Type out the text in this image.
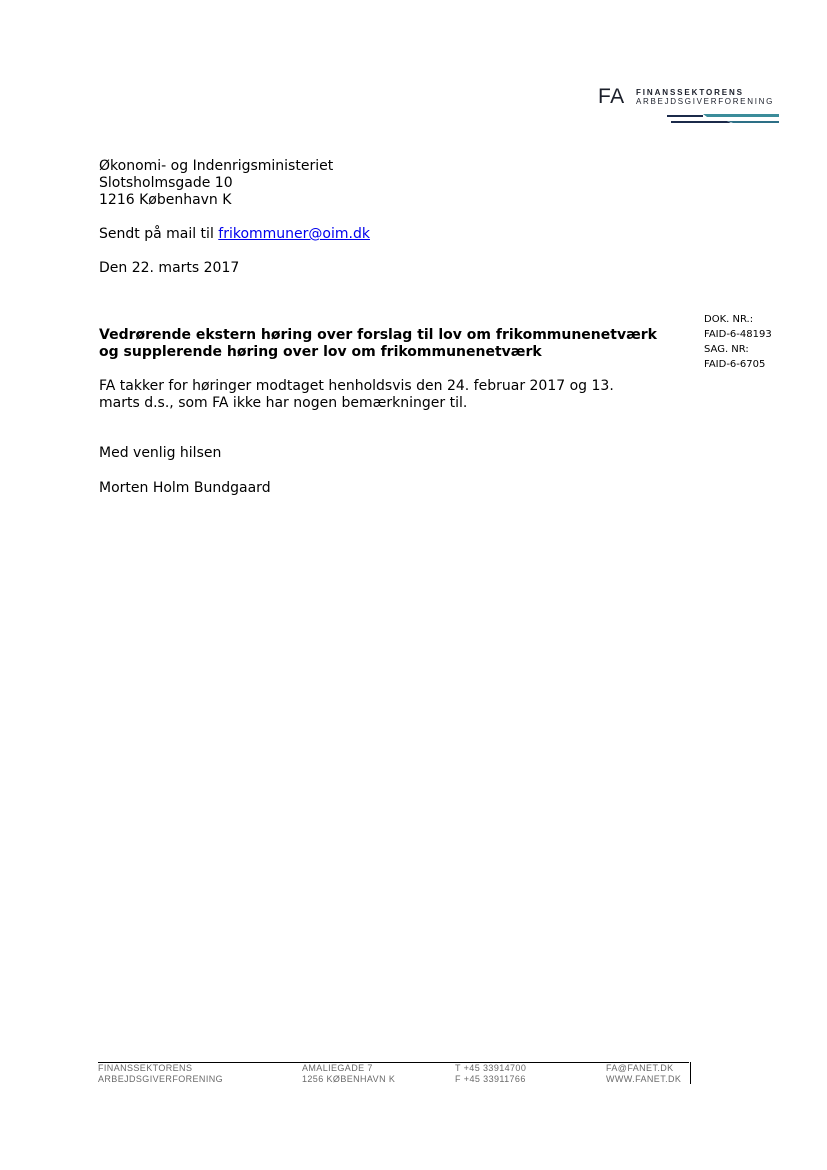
FA FINANSSEKTORENS
ARBEJDSGIVERFORENING
Økonomi- og Indenrigsministeriet
Slotsholmsgade 10
1216 København K
Sendt på mail til frikommuner@oim.dk
Den 22. marts 2017
DOK. NR.:
FAID-6-48193
SAG. NR:
FAID-6-6705
Vedrørende ekstern høring over forslag til lov om frikommunenetværk
og supplerende høring over lov om frikommunenetværk
FA takker for høringer modtaget henholdsvis den 24. februar 2017 og 13.
marts d.s., som FA ikke har nogen bemærkninger til.
Med venlig hilsen
Morten Holm Bundgaard
FINANSSEKTORENS
ARBEJDSGIVERFORENING
AMALIEGADE 7
1256 KØBENHAVN K
T +45 33914700
F +45 33911766
FA@FANET.DK
WWW.FANET.DK
